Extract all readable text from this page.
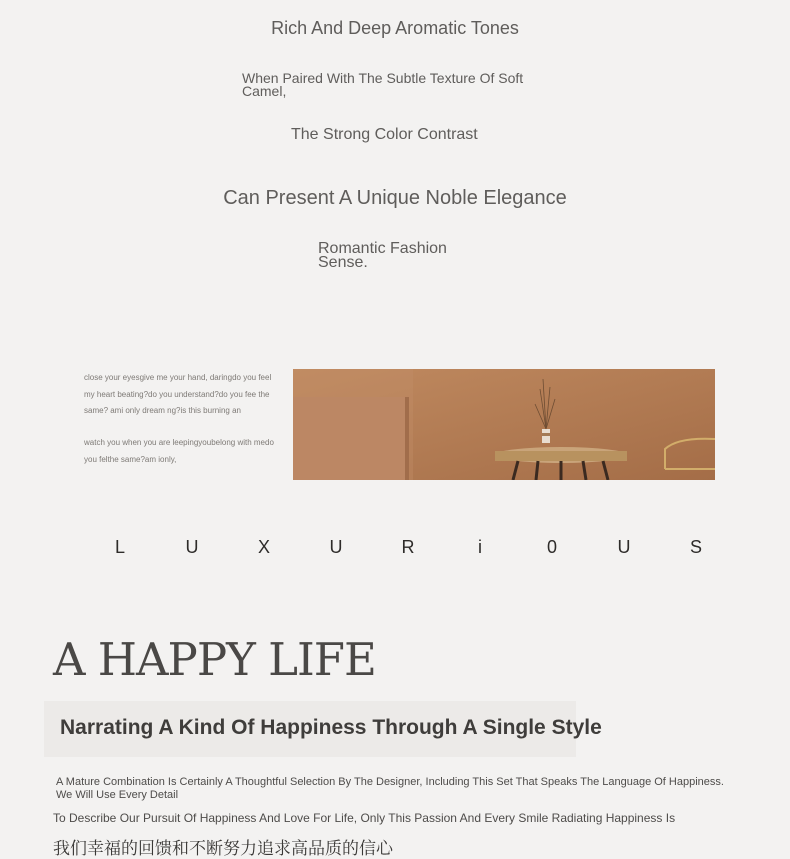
Rich And Deep Aromatic Tones
When Paired With The Subtle Texture Of Soft Camel,
The Strong Color Contrast
Can Present A Unique Noble Elegance
Romantic Fashion Sense.
close your eyesgive me your hand, daringdo you feel my heart beating?do you understand?do you fee the same? ami only dream ng?is this burning an
watch you when you are leepingyoubelong with medo you felthe same?am ionly,
L	U	X	U	R	i	0	U	S
A HAPPY LIFE
Narrating A Kind Of Happiness Through A Single Style
A Mature Combination Is Certainly A Thoughtful Selection By The Designer, Including This Set That Speaks The Language Of Happiness. We Will Use Every Detail
To Describe Our Pursuit Of Happiness And Love For Life, Only This Passion And Every Smile Radiating Happiness Is
我们幸福的回馈和不断努力追求高品质的信心
